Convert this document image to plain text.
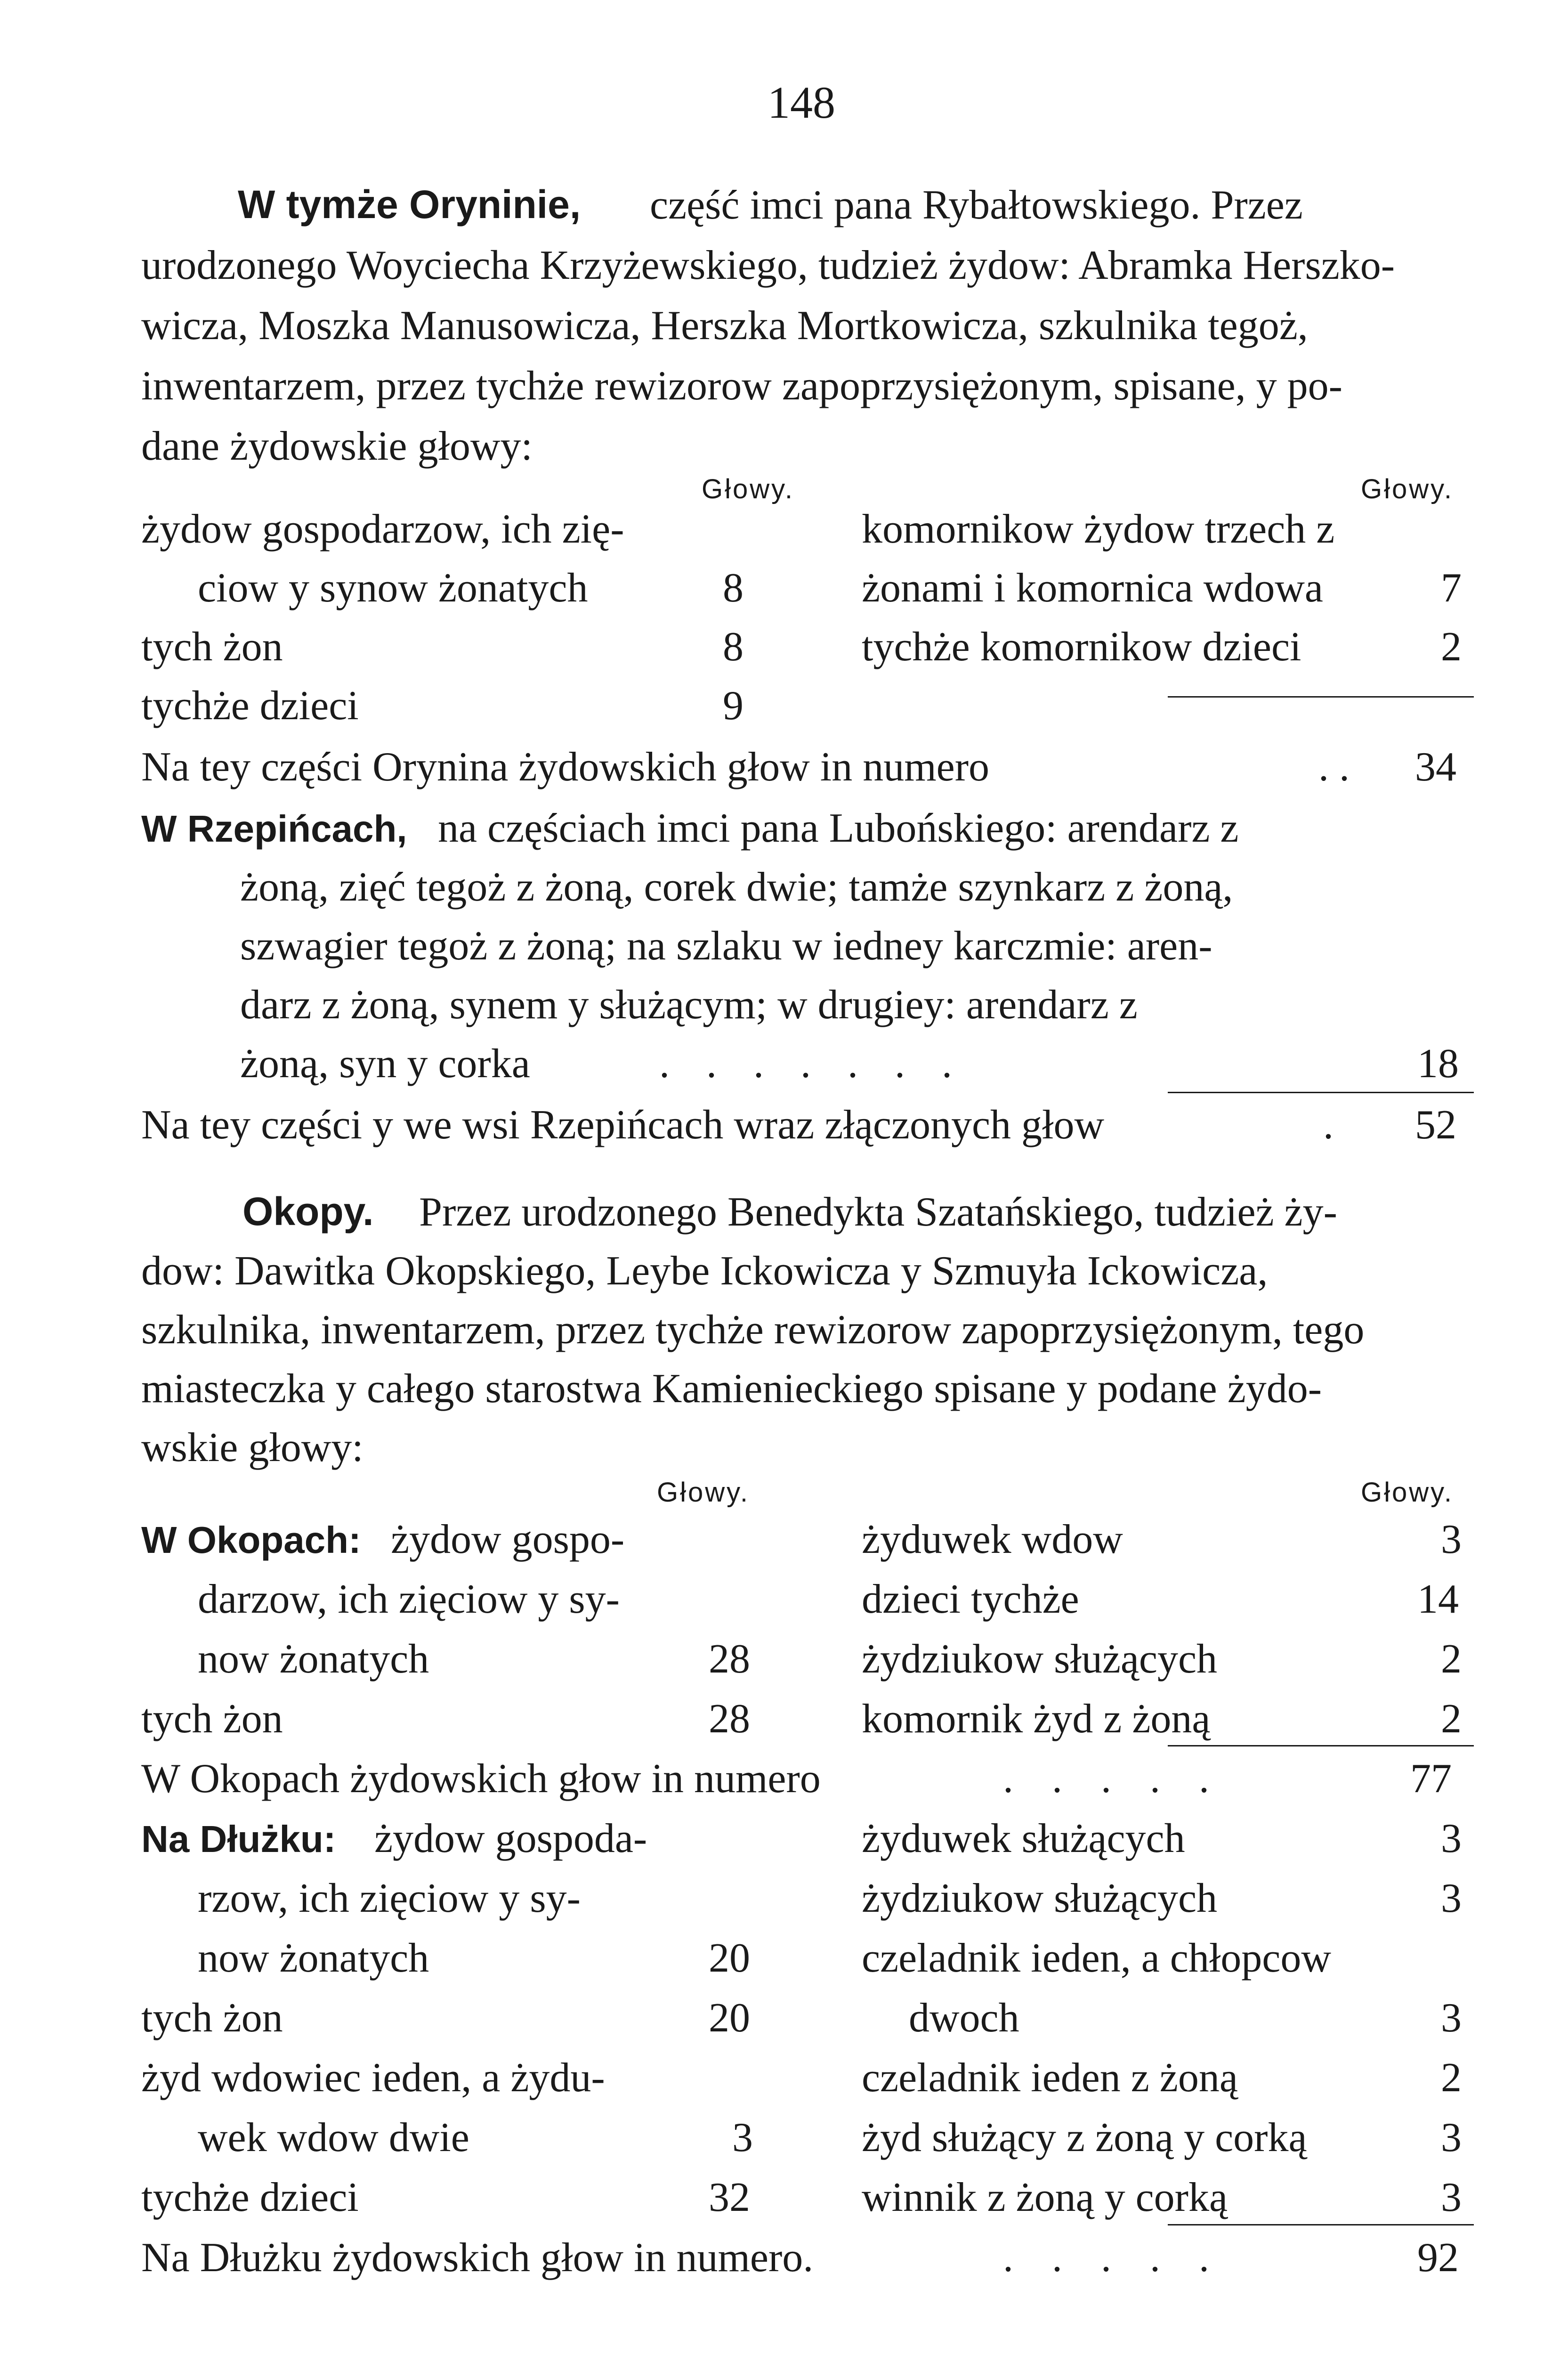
148
W tymże Oryninie, część imci pana Rybałtowskiego. Przez
urodzonego Woyciecha Krzyżewskiego, tudzież żydow: Abramka Herszko-
wicza, Moszka Manusowicza, Herszka Mortkowicza, szkulnika tegoż,
inwentarzem, przez tychże rewizorow zapoprzysiężonym, spisane, y po-
dane żydowskie głowy:
Głowy.	Głowy.
żydow gospodarzow, ich zię-
ciow y synow żonatych	8
tych żon	8
tychże dzieci	9
komornikow żydow trzech z
żonami i komornica wdowa	7
tychże komornikow dzieci	2
Na tey części Orynina żydowskich głow in numero	. . 34
W Rzepińcach, na częściach imci pana Lubońskiego: arendarz z
żoną, zięć tegoż z żoną, corek dwie; tamże szynkarz z żoną,
szwagier tegoż z żoną; na szlaku w iedney karczmie: aren-
darz z żoną, synem y służącym; w drugiey: arendarz z
żoną, syn y corka	. . . . . . .	18
Na tey części y we wsi Rzepińcach wraz złączonych głow	. 52
Okopy. Przez urodzonego Benedykta Szatańskiego, tudzież ży-
dow: Dawitka Okopskiego, Leybe Ickowicza y Szmuyła Ickowicza,
szkulnika, inwentarzem, przez tychże rewizorow zapoprzysiężonym, tego
miasteczka y całego starostwa Kamienieckiego spisane y podane żydo-
wskie głowy:
Głowy.	Głowy.
W Okopach: żydow gospo-
darzow, ich zięciow y sy-
now żonatych	28
tych żon	28
żyduwek wdow	3
dzieci tychże	14
żydziukow służących	2
komornik żyd z żoną	2
W Okopach żydowskich głow in numero	. . . . .	77
Na Dłużku: żydow gospoda-
rzow, ich zięciow y sy-
now żonatych	20
tych żon	20
żyd wdowiec ieden, a żydu-
wek wdow dwie	3
tychże dzieci	32
żyduwek służących	3
żydziukow służących	3
czeladnik ieden, a chłopcow
dwoch	3
czeladnik ieden z żoną	2
żyd służący z żoną y corką	3
winnik z żoną y corką	3
Na Dłużku żydowskich głow in numero.	. . . . .	92
